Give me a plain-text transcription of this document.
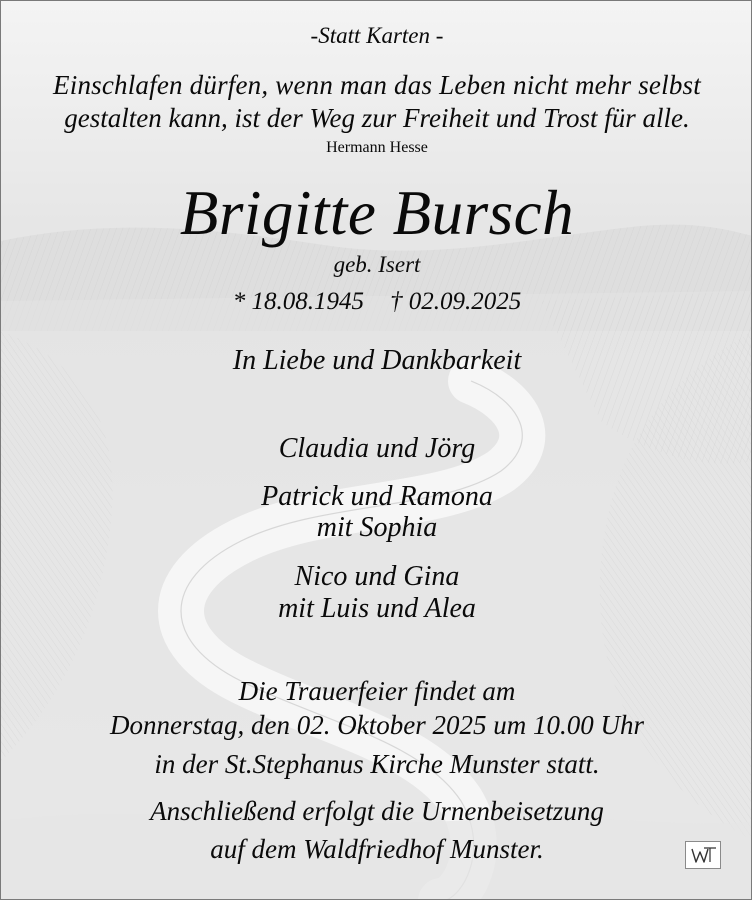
-Statt Karten -
Einschlafen dürfen, wenn man das Leben nicht mehr selbst
gestalten kann, ist der Weg zur Freiheit und Trost für alle.
Hermann Hesse
Brigitte Bursch
geb. Isert
* 18.08.1945 † 02.09.2025
In Liebe und Dankbarkeit
Claudia und Jörg
Patrick und Ramona
mit Sophia
Nico und Gina
mit Luis und Alea
Die Trauerfeier findet am
Donnerstag, den 02. Oktober 2025 um 10.00 Uhr
in der St.Stephanus Kirche Munster statt.
Anschließend erfolgt die Urnenbeisetzung
auf dem Waldfriedhof Munster.
